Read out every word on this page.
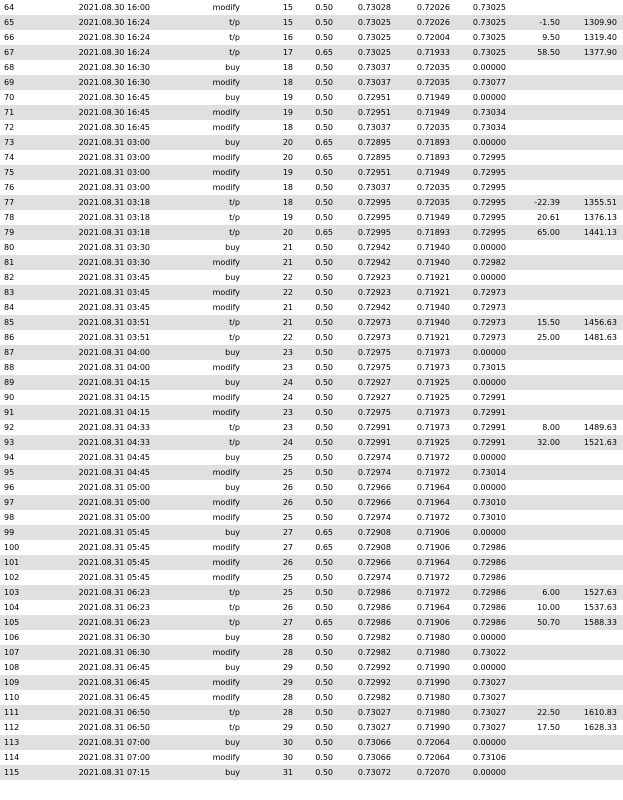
64	2021.08.30 16:00	modify	15	0.50	0.73028	0.72026	0.73025		
65	2021.08.30 16:24	t/p	15	0.50	0.73025	0.72026	0.73025	-1.50	1309.90
66	2021.08.30 16:24	t/p	16	0.50	0.73025	0.72004	0.73025	9.50	1319.40
67	2021.08.30 16:24	t/p	17	0.65	0.73025	0.71933	0.73025	58.50	1377.90
68	2021.08.30 16:30	buy	18	0.50	0.73037	0.72035	0.00000		
69	2021.08.30 16:30	modify	18	0.50	0.73037	0.72035	0.73077		
70	2021.08.30 16:45	buy	19	0.50	0.72951	0.71949	0.00000		
71	2021.08.30 16:45	modify	19	0.50	0.72951	0.71949	0.73034		
72	2021.08.30 16:45	modify	18	0.50	0.73037	0.72035	0.73034		
73	2021.08.31 03:00	buy	20	0.65	0.72895	0.71893	0.00000		
74	2021.08.31 03:00	modify	20	0.65	0.72895	0.71893	0.72995		
75	2021.08.31 03:00	modify	19	0.50	0.72951	0.71949	0.72995		
76	2021.08.31 03:00	modify	18	0.50	0.73037	0.72035	0.72995		
77	2021.08.31 03:18	t/p	18	0.50	0.72995	0.72035	0.72995	-22.39	1355.51
78	2021.08.31 03:18	t/p	19	0.50	0.72995	0.71949	0.72995	20.61	1376.13
79	2021.08.31 03:18	t/p	20	0.65	0.72995	0.71893	0.72995	65.00	1441.13
80	2021.08.31 03:30	buy	21	0.50	0.72942	0.71940	0.00000		
81	2021.08.31 03:30	modify	21	0.50	0.72942	0.71940	0.72982		
82	2021.08.31 03:45	buy	22	0.50	0.72923	0.71921	0.00000		
83	2021.08.31 03:45	modify	22	0.50	0.72923	0.71921	0.72973		
84	2021.08.31 03:45	modify	21	0.50	0.72942	0.71940	0.72973		
85	2021.08.31 03:51	t/p	21	0.50	0.72973	0.71940	0.72973	15.50	1456.63
86	2021.08.31 03:51	t/p	22	0.50	0.72973	0.71921	0.72973	25.00	1481.63
87	2021.08.31 04:00	buy	23	0.50	0.72975	0.71973	0.00000		
88	2021.08.31 04:00	modify	23	0.50	0.72975	0.71973	0.73015		
89	2021.08.31 04:15	buy	24	0.50	0.72927	0.71925	0.00000		
90	2021.08.31 04:15	modify	24	0.50	0.72927	0.71925	0.72991		
91	2021.08.31 04:15	modify	23	0.50	0.72975	0.71973	0.72991		
92	2021.08.31 04:33	t/p	23	0.50	0.72991	0.71973	0.72991	8.00	1489.63
93	2021.08.31 04:33	t/p	24	0.50	0.72991	0.71925	0.72991	32.00	1521.63
94	2021.08.31 04:45	buy	25	0.50	0.72974	0.71972	0.00000		
95	2021.08.31 04:45	modify	25	0.50	0.72974	0.71972	0.73014		
96	2021.08.31 05:00	buy	26	0.50	0.72966	0.71964	0.00000		
97	2021.08.31 05:00	modify	26	0.50	0.72966	0.71964	0.73010		
98	2021.08.31 05:00	modify	25	0.50	0.72974	0.71972	0.73010		
99	2021.08.31 05:45	buy	27	0.65	0.72908	0.71906	0.00000		
100	2021.08.31 05:45	modify	27	0.65	0.72908	0.71906	0.72986		
101	2021.08.31 05:45	modify	26	0.50	0.72966	0.71964	0.72986		
102	2021.08.31 05:45	modify	25	0.50	0.72974	0.71972	0.72986		
103	2021.08.31 06:23	t/p	25	0.50	0.72986	0.71972	0.72986	6.00	1527.63
104	2021.08.31 06:23	t/p	26	0.50	0.72986	0.71964	0.72986	10.00	1537.63
105	2021.08.31 06:23	t/p	27	0.65	0.72986	0.71906	0.72986	50.70	1588.33
106	2021.08.31 06:30	buy	28	0.50	0.72982	0.71980	0.00000		
107	2021.08.31 06:30	modify	28	0.50	0.72982	0.71980	0.73022		
108	2021.08.31 06:45	buy	29	0.50	0.72992	0.71990	0.00000		
109	2021.08.31 06:45	modify	29	0.50	0.72992	0.71990	0.73027		
110	2021.08.31 06:45	modify	28	0.50	0.72982	0.71980	0.73027		
111	2021.08.31 06:50	t/p	28	0.50	0.73027	0.71980	0.73027	22.50	1610.83
112	2021.08.31 06:50	t/p	29	0.50	0.73027	0.71990	0.73027	17.50	1628.33
113	2021.08.31 07:00	buy	30	0.50	0.73066	0.72064	0.00000		
114	2021.08.31 07:00	modify	30	0.50	0.73066	0.72064	0.73106		
115	2021.08.31 07:15	buy	31	0.50	0.73072	0.72070	0.00000		
